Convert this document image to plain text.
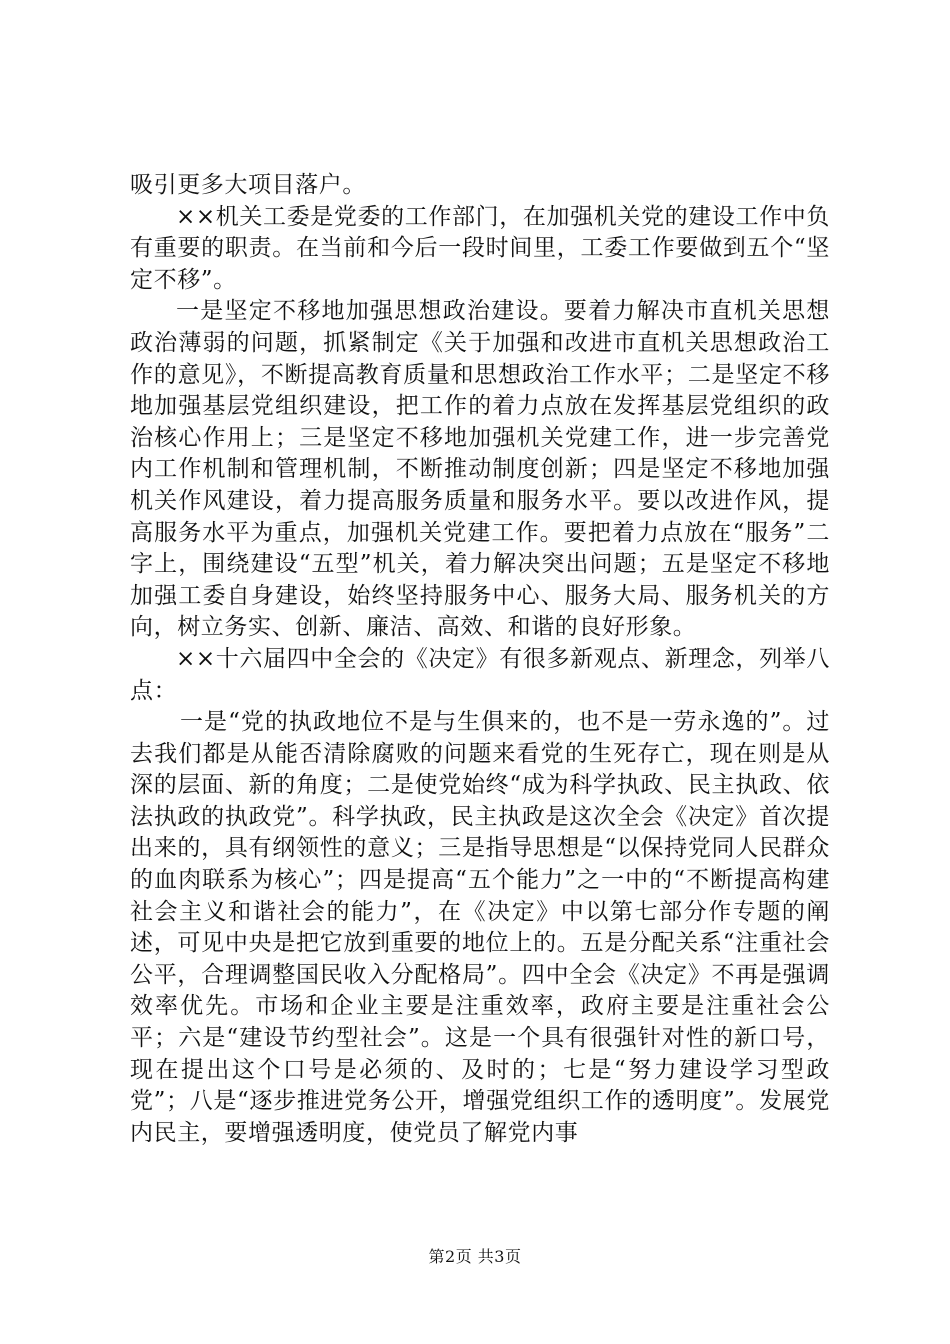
吸引更多大项目落户。

××机关工委是党委的工作部门，在加强机关党的建设工作中负有重要的职责。在当前和今后一段时间里，工委工作要做到五个“坚定不移”。

一是坚定不移地加强思想政治建设。要着力解决市直机关思想政治薄弱的问题，抓紧制定《关于加强和改进市直机关思想政治工作的意见》，不断提高教育质量和思想政治工作水平；二是坚定不移地加强基层党组织建设，把工作的着力点放在发挥基层党组织的政治核心作用上；三是坚定不移地加强机关党建工作，进一步完善党内工作机制和管理机制，不断推动制度创新；四是坚定不移地加强机关作风建设，着力提高服务质量和服务水平。要以改进作风，提高服务水平为重点，加强机关党建工作。要把着力点放在“服务”二字上，围绕建设“五型”机关，着力解决突出问题；五是坚定不移地加强工委自身建设，始终坚持服务中心、服务大局、服务机关的方向，树立务实、创新、廉洁、高效、和谐的良好形象。

××十六届四中全会的《决定》有很多新观点、新理念，列举八点：

一是“党的执政地位不是与生俱来的，也不是一劳永逸的”。过去我们都是从能否清除腐败的问题来看党的生死存亡，现在则是从深的层面、新的角度；二是使党始终“成为科学执政、民主执政、依法执政的执政党”。科学执政，民主执政是这次全会《决定》首次提出来的，具有纲领性的意义；三是指导思想是“以保持党同人民群众的血肉联系为核心”；四是提高“五个能力”之一中的“不断提高构建社会主义和谐社会的能力”，在《决定》中以第七部分作专题的阐述，可见中央是把它放到重要的地位上的。五是分配关系“注重社会公平，合理调整国民收入分配格局”。四中全会《决定》不再是强调效率优先。市场和企业主要是注重效率，政府主要是注重社会公平；六是“建设节约型社会”。这是一个具有很强针对性的新口号，现在提出这个口号是必须的、及时的；七是“努力建设学习型政党”；八是“逐步推进党务公开，增强党组织工作的透明度”。发展党内民主，要增强透明度，使党员了解党内事

第2页 共3页
